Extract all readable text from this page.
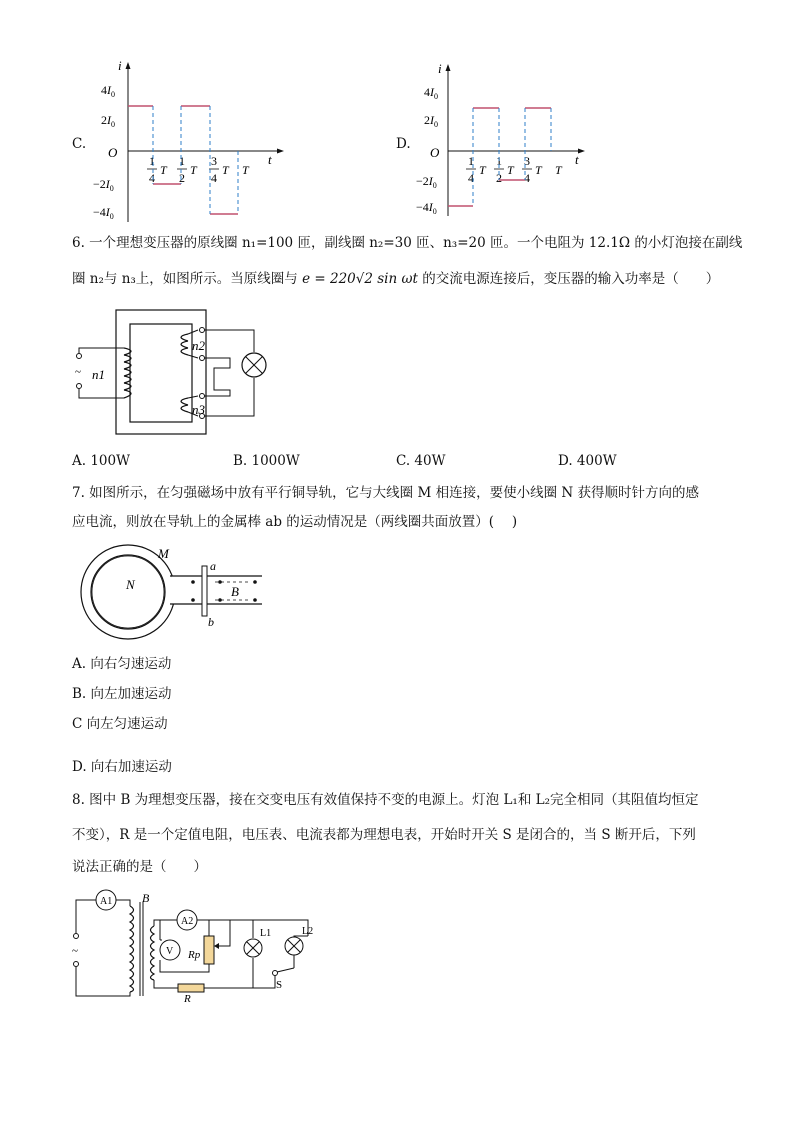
C.
i
t
O
$4I_0$
$2I_0$
$-2I_0$
$-4I_0$
1
4
T
1
2
T
3
4
T T
D.
i
t
O
$4I_0$
$2I_0$
$-2I_0$
$-4I_0$
1
4
T
1
2
T
3
4
T T
6. 一个理想变压器的原线圈 n₁=100 匝，副线圈 n₂=30 匝、n₃=20 匝。一个电阻为 12.1Ω 的小灯泡接在副线
圈 n₂与 n₃上，如图所示。当原线圈与 e = 220√2 sin ωt 的交流电源连接后，变压器的输入功率是（　　）
~ n1
n2
n3
A. 100W	B. 1000W	C. 40W	D. 400W
7. 如图所示，在匀强磁场中放有平行铜导轨，它与大线圈 M 相连接，要使小线圈 N 获得顺时针方向的感
应电流，则放在导轨上的金属棒 ab 的运动情况是（两线圈共面放置）(　 )
N
M
a
b
B
A. 向右匀速运动
B. 向左加速运动
C 向左匀速运动
D. 向右加速运动
8. 图中 B 为理想变压器，接在交变电压有效值保持不变的电源上。灯泡 L₁和 L₂完全相同（其阻值均恒定
不变），R 是一个定值电阻，电压表、电流表都为理想电表，开始时开关 S 是闭合的，当 S 断开后，下列
说法正确的是（　　）
~
A1 B
A2
V Rp
R
L1	L2
S
